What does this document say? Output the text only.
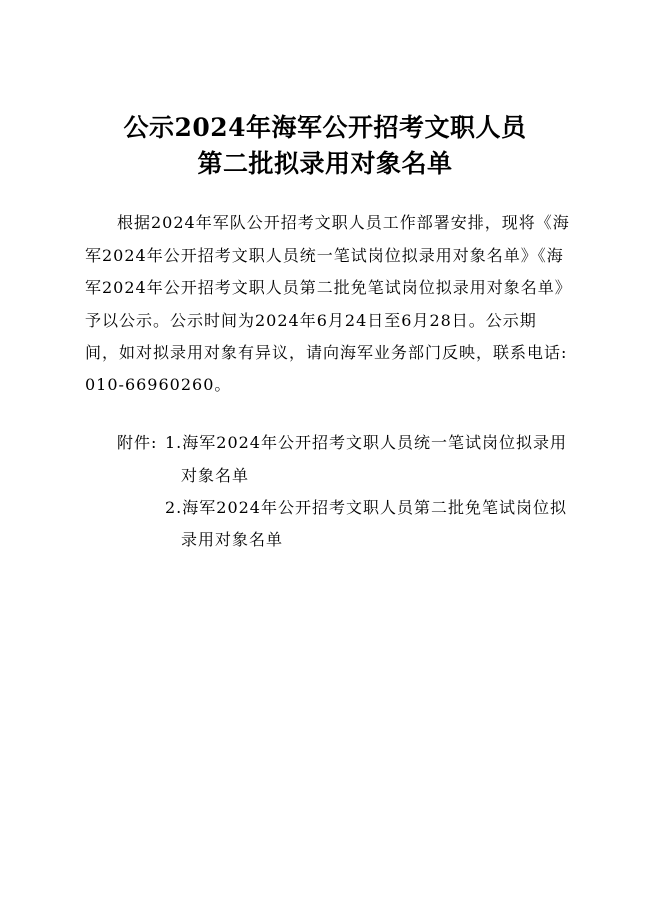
公示2024年海军公开招考文职人员
第二批拟录用对象名单
根据2024年军队公开招考文职人员工作部署安排，现将《海
军2024年公开招考文职人员统一笔试岗位拟录用对象名单》《海
军2024年公开招考文职人员第二批免笔试岗位拟录用对象名单》
予以公示。公示时间为2024年6月24日至6月28日。公示期
间，如对拟录用对象有异议，请向海军业务部门反映，联系电话:
010-66960260。
附件: 1.海军2024年公开招考文职人员统一笔试岗位拟录用
对象名单
2.海军2024年公开招考文职人员第二批免笔试岗位拟
录用对象名单
